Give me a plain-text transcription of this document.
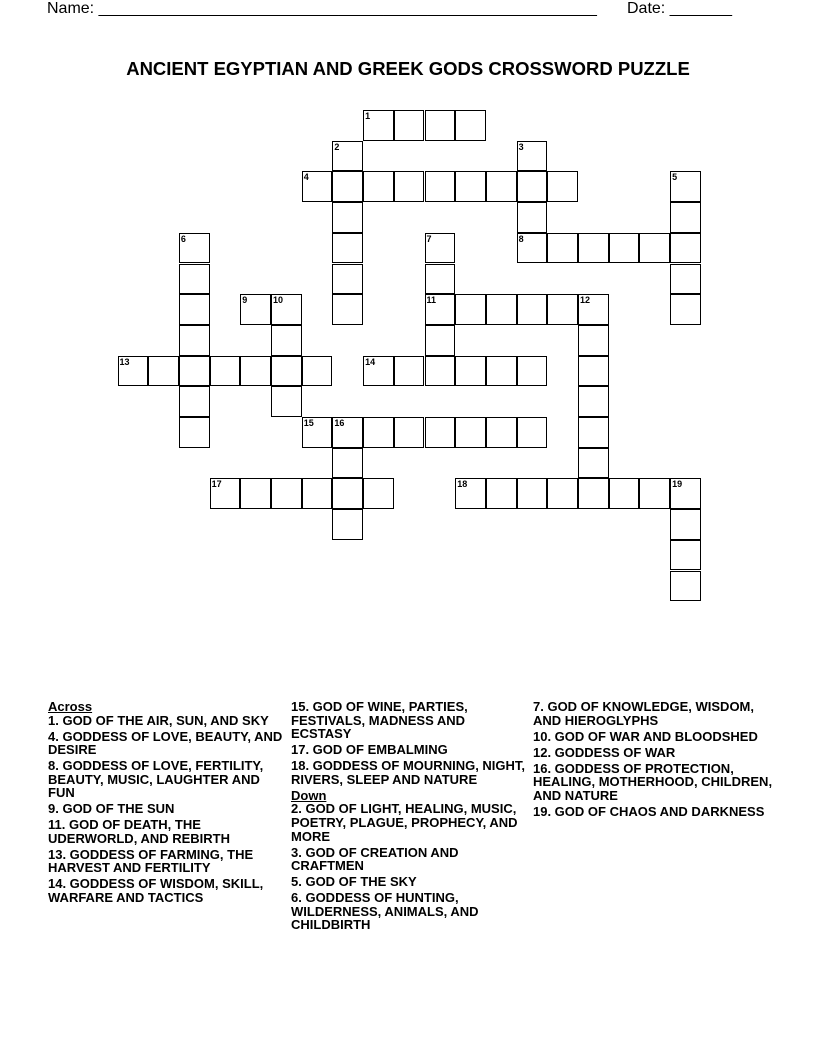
Name: ________________________________________________________ Date: _______
ANCIENT EGYPTIAN AND GREEK GODS CROSSWORD PUZZLE
1
2	3
8
4	5
6	7
11
9	10	12
13	14
15 16
17	18	19
Across
1. GOD OF THE AIR, SUN, AND SKY
4. GODDESS OF LOVE, BEAUTY, AND DESIRE
8. GODDESS OF LOVE, FERTILITY, BEAUTY, MUSIC, LAUGHTER AND FUN
9. GOD OF THE SUN
11. GOD OF DEATH, THE UDERWORLD, AND REBIRTH
13. GODDESS OF FARMING, THE HARVEST AND FERTILITY
14. GODDESS OF WISDOM, SKILL, WARFARE AND TACTICS
15. GOD OF WINE, PARTIES, FESTIVALS, MADNESS AND ECSTASY
17. GOD OF EMBALMING
18. GODDESS OF MOURNING, NIGHT, RIVERS, SLEEP AND NATURE
Down
2. GOD OF LIGHT, HEALING, MUSIC, POETRY, PLAGUE, PROPHECY, AND MORE
3. GOD OF CREATION AND CRAFTMEN
5. GOD OF THE SKY
6. GODDESS OF HUNTING, WILDERNESS, ANIMALS, AND CHILDBIRTH
7. GOD OF KNOWLEDGE, WISDOM, AND HIEROGLYPHS
10. GOD OF WAR AND BLOODSHED
12. GODDESS OF WAR
16. GODDESS OF PROTECTION, HEALING, MOTHERHOOD, CHILDREN, AND NATURE
19. GOD OF CHAOS AND DARKNESS
